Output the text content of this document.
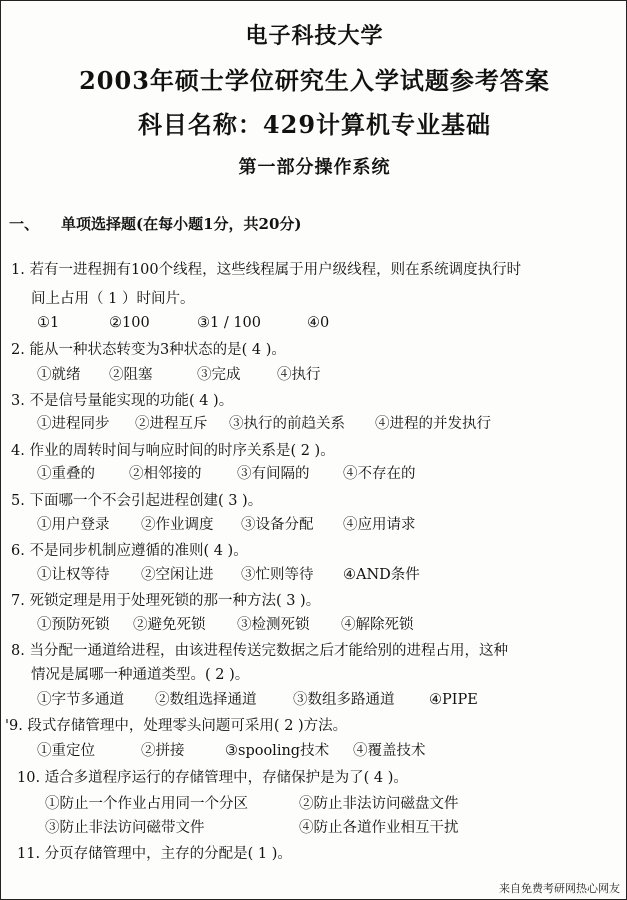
电子科技大学
2003年硕士学位研究生入学试题参考答案
科目名称：429计算机专业基础
第一部分操作系统
一、 单项选择题(在每小题1分，共20分)
1. 若有一进程拥有100个线程，这些线程属于用户级线程，则在系统调度执行时
间上占用（ 1 ）时间片。
①1	②100	③1 / 100	④0
2. 能从一种状态转变为3种状态的是( 4 )。
①就绪 ②阻塞	③完成	④执行
3. 不是信号量能实现的功能( 4 )。
①进程同步 ②进程互斥 ③执行的前趋关系 ④进程的并发执行
4. 作业的周转时间与响应时间的时序关系是( 2 )。
①重叠的 ②相邻接的 ③有间隔的 ④不存在的
5. 下面哪一个不会引起进程创建( 3 )。
①用户登录 ②作业调度 ③设备分配 ④应用请求
6. 不是同步机制应遵循的准则( 4 )。
①让权等待 ②空闲让进 ③忙则等待 ④AND条件
7. 死锁定理是用于处理死锁的那一种方法( 3 )。
①预防死锁 ②避免死锁 ③检测死锁 ④解除死锁
8. 当分配一通道给进程，由该进程传送完数据之后才能给别的进程占用，这种
情况是属哪一种通道类型。( 2 )。
①字节多通道 ②数组选择通道	③数组多路通道 ④PIPE
'9. 段式存储管理中，处理零头问题可采用( 2 )方法。
①重定位	②拼接	③spooling技术 ④覆盖技术
10. 适合多道程序运行的存储管理中，存储保护是为了( 4 )。
①防止一个作业占用同一个分区	②防止非法访问磁盘文件
③防止非法访问磁带文件	④防止各道作业相互干扰
11. 分页存储管理中，主存的分配是( 1 )。
来自免费考研网热心网友
